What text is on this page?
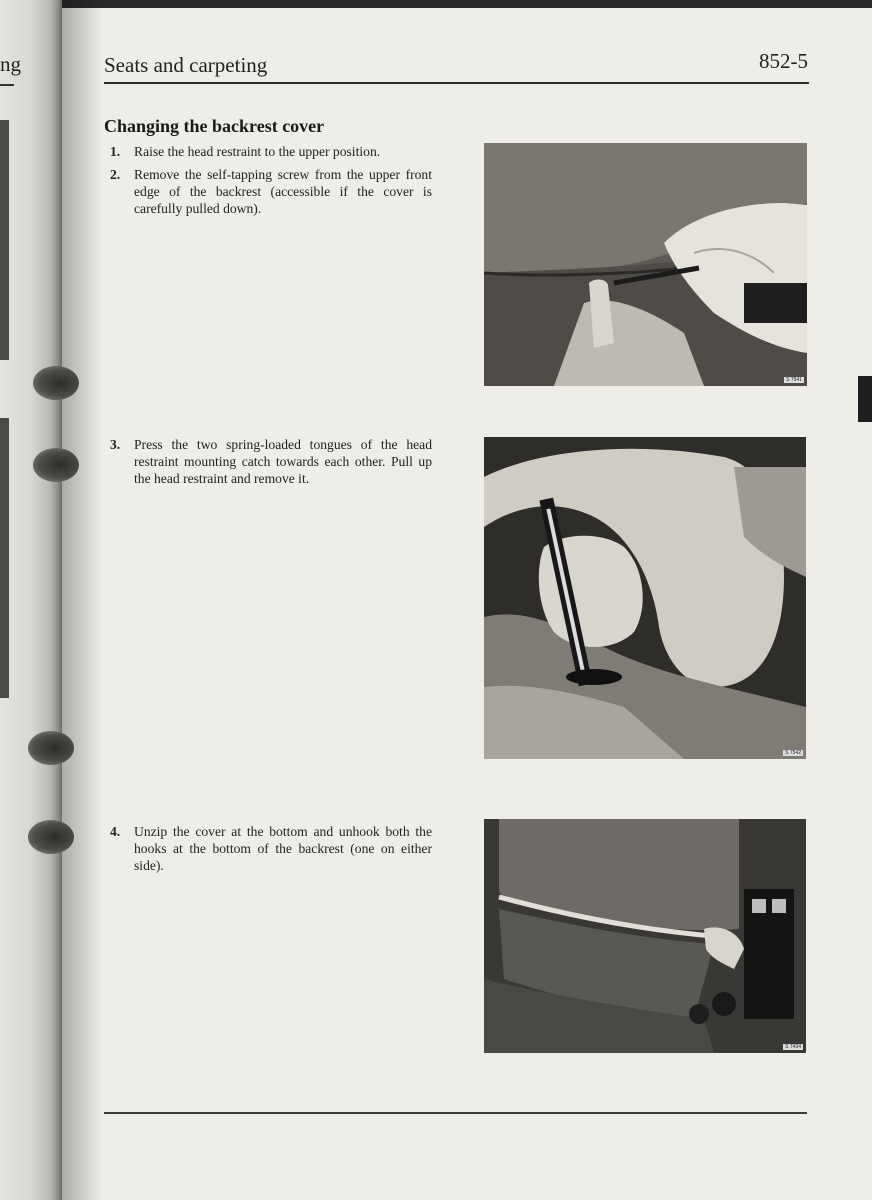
ng	Seats and carpeting	852-5
Changing the backrest cover
1.	Raise the head restraint to the upper position.
2.	Remove the self-tapping screw from the upper front edge of the backrest (accessible if the cover is carefully pulled down).
3.	Press the two spring-loaded tongues of the head restraint mounting catch towards each other. Pull up the head restraint and remove it.
4.	Unzip the cover at the bottom and unhook both the hooks at the bottom of the backrest (one on either side).
S 7541
S 7542
S 7434
